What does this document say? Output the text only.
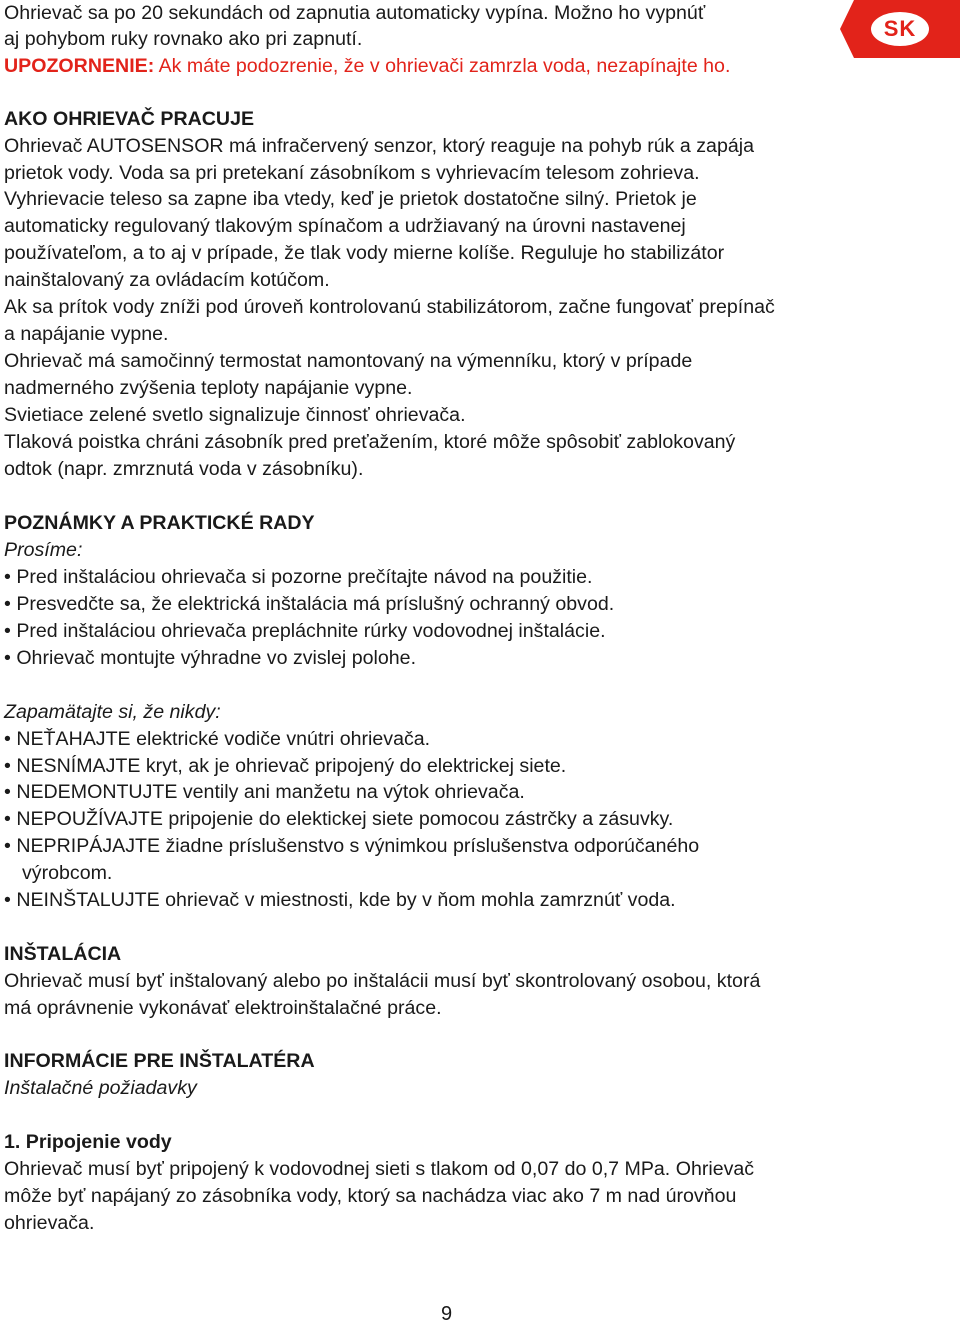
SK
Ohrievač sa po 20 sekundách od zapnutia automaticky vypína. Možno ho vypnúť
aj pohybom ruky rovnako ako pri zapnutí.
UPOZORNENIE: Ak máte podozrenie, že v ohrievači zamrzla voda, nezapínajte ho.
AKO OHRIEVAČ PRACUJE
Ohrievač AUTOSENSOR má infračervený senzor, ktorý reaguje na pohyb rúk a zapája
prietok vody. Voda sa pri pretekaní zásobníkom s vyhrievacím telesom zohrieva.
Vyhrievacie teleso sa zapne iba vtedy, keď je prietok dostatočne silný. Prietok je
automaticky regulovaný tlakovým spínačom a udržiavaný na úrovni nastavenej
používateľom, a to aj v prípade, že tlak vody mierne kolíše. Reguluje ho stabilizátor
nainštalovaný za ovládacím kotúčom.
Ak sa prítok vody zníži pod úroveň kontrolovanú stabilizátorom, začne fungovať prepínač
a napájanie vypne.
Ohrievač má samočinný termostat namontovaný na výmenníku, ktorý v prípade
nadmerného zvýšenia teploty napájanie vypne.
Svietiace zelené svetlo signalizuje činnosť ohrievača.
Tlaková poistka chráni zásobník pred preťažením, ktoré môže spôsobiť zablokovaný
odtok (napr. zmrznutá voda v zásobníku).
POZNÁMKY A PRAKTICKÉ RADY
Prosíme:
• Pred inštaláciou ohrievača si pozorne prečítajte návod na použitie.
• Presvedčte sa, že elektrická inštalácia má príslušný ochranný obvod.
• Pred inštaláciou ohrievača prepláchnite rúrky vodovodnej inštalácie.
• Ohrievač montujte výhradne vo zvislej polohe.
Zapamätajte si, že nikdy:
• NEŤAHAJTE elektrické vodiče vnútri ohrievača.
• NESNÍMAJTE kryt, ak je ohrievač pripojený do elektrickej siete.
• NEDEMONTUJTE ventily ani manžetu na výtok ohrievača.
• NEPOUŽÍVAJTE pripojenie do elektickej siete pomocou zástrčky a zásuvky.
• NEPRIPÁJAJTE žiadne príslušenstvo s výnimkou príslušenstva odporúčaného
výrobcom.
• NEINŠTALUJTE ohrievač v miestnosti, kde by v ňom mohla zamrznúť voda.
INŠTALÁCIA
Ohrievač musí byť inštalovaný alebo po inštalácii musí byť skontrolovaný osobou, ktorá
má oprávnenie vykonávať elektroinštalačné práce.
INFORMÁCIE PRE INŠTALATÉRA
Inštalačné požiadavky
1. Pripojenie vody
Ohrievač musí byť pripojený k vodovodnej sieti s tlakom od 0,07 do 0,7 MPa. Ohrievač
môže byť napájaný zo zásobníka vody, ktorý sa nachádza viac ako 7 m nad úrovňou
ohrievača.
9
